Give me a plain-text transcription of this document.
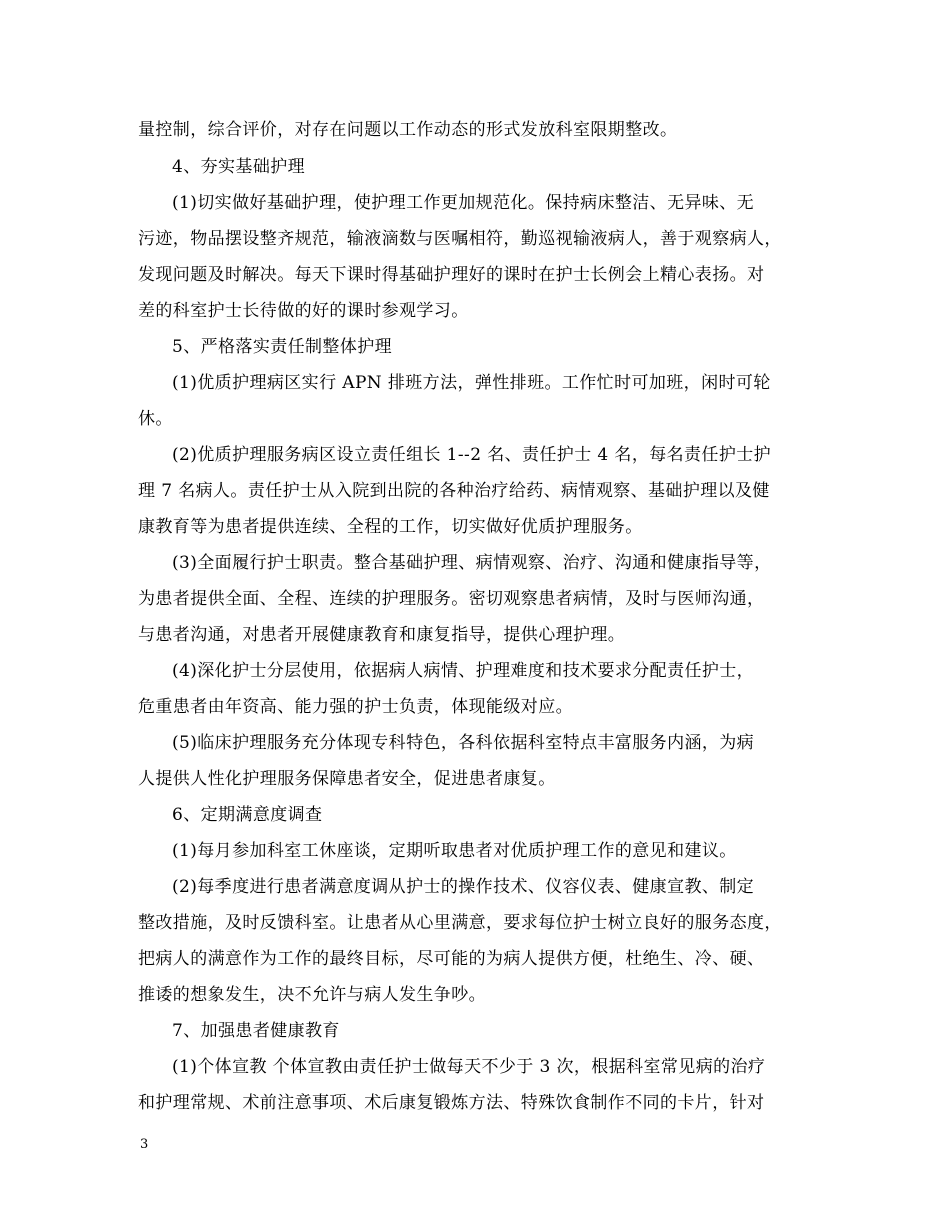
量控制，综合评价，对存在问题以工作动态的形式发放科室限期整改。
4、夯实基础护理
(1)切实做好基础护理，使护理工作更加规范化。保持病床整洁、无异味、无
污迹，物品摆设整齐规范，输液滴数与医嘱相符，勤巡视输液病人，善于观察病人，
发现问题及时解决。每天下课时得基础护理好的课时在护士长例会上精心表扬。对
差的科室护士长待做的好的课时参观学习。
5、严格落实责任制整体护理
(1)优质护理病区实行 APN 排班方法，弹性排班。工作忙时可加班，闲时可轮
休。
(2)优质护理服务病区设立责任组长 1--2 名、责任护士 4 名，每名责任护士护
理 7 名病人。责任护士从入院到出院的各种治疗给药、病情观察、基础护理以及健
康教育等为患者提供连续、全程的工作，切实做好优质护理服务。
(3)全面履行护士职责。整合基础护理、病情观察、治疗、沟通和健康指导等，
为患者提供全面、全程、连续的护理服务。密切观察患者病情，及时与医师沟通，
与患者沟通，对患者开展健康教育和康复指导，提供心理护理。
(4)深化护士分层使用，依据病人病情、护理难度和技术要求分配责任护士，
危重患者由年资高、能力强的护士负责，体现能级对应。
(5)临床护理服务充分体现专科特色，各科依据科室特点丰富服务内涵，为病
人提供人性化护理服务保障患者安全，促进患者康复。
6、定期满意度调查
(1)每月参加科室工休座谈，定期听取患者对优质护理工作的意见和建议。
(2)每季度进行患者满意度调从护士的操作技术、仪容仪表、健康宣教、制定
整改措施，及时反馈科室。让患者从心里满意，要求每位护士树立良好的服务态度，
把病人的满意作为工作的最终目标，尽可能的为病人提供方便，杜绝生、冷、硬、
推诿的想象发生，决不允许与病人发生争吵。
7、加强患者健康教育
(1)个体宣教 个体宣教由责任护士做每天不少于 3 次，根据科室常见病的治疗
和护理常规、术前注意事项、术后康复锻炼方法、特殊饮食制作不同的卡片，针对
3
